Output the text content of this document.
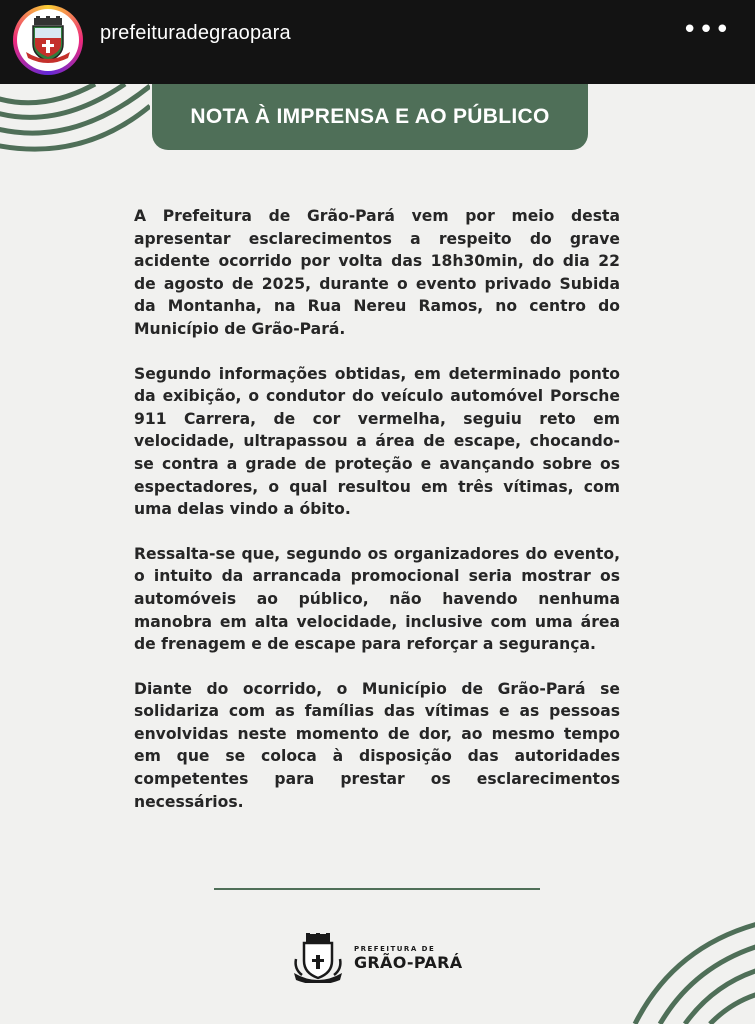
prefeituradegraopara	•••
NOTA À IMPRENSA E AO PÚBLICO

A Prefeitura de Grão-Pará vem por meio desta apresentar esclarecimentos a respeito do grave acidente ocorrido por volta das 18h30min, do dia 22 de agosto de 2025, durante o evento privado Subida da Montanha, na Rua Nereu Ramos, no centro do Município de Grão-Pará.

Segundo informações obtidas, em determinado ponto da exibição, o condutor do veículo automóvel Porsche 911 Carrera, de cor vermelha, seguiu reto em velocidade, ultrapassou a área de escape, chocando-se contra a grade de proteção e avançando sobre os espectadores, o qual resultou em três vítimas, com uma delas vindo a óbito.

Ressalta-se que, segundo os organizadores do evento, o intuito da arrancada promocional seria mostrar os automóveis ao público, não havendo nenhuma manobra em alta velocidade, inclusive com uma área de frenagem e de escape para reforçar a segurança.

Diante do ocorrido, o Município de Grão-Pará se solidariza com as famílias das vítimas e as pessoas envolvidas neste momento de dor, ao mesmo tempo em que se coloca à disposição das autoridades competentes para prestar os esclarecimentos necessários.

PREFEITURA DE
GRÃO-PARÁ
